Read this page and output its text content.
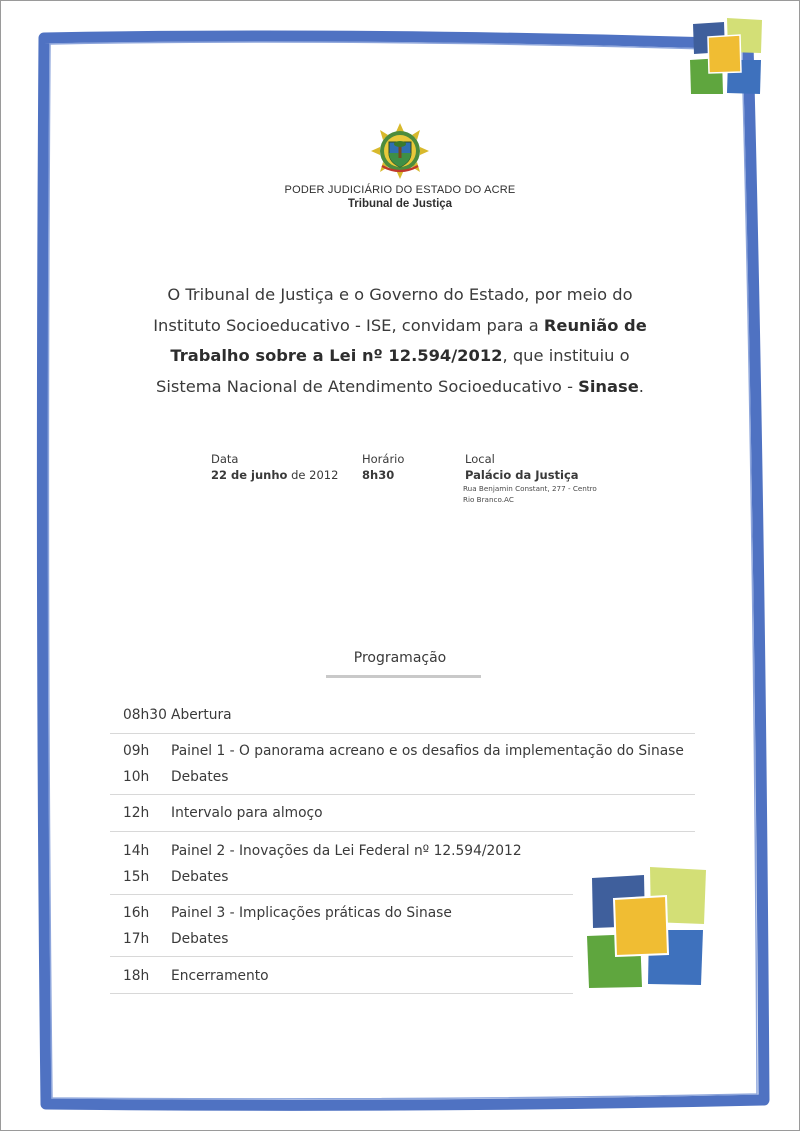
PODER JUDICIÁRIO DO ESTADO DO ACRE
Tribunal de Justiça
O Tribunal de Justiça e o Governo do Estado, por meio do Instituto Socioeducativo - ISE, convidam para a Reunião de Trabalho sobre a Lei nº 12.594/2012, que instituiu o Sistema Nacional de Atendimento Socioeducativo - Sinase.
Data
22 de junho de 2012
Horário
8h30
Local
Palácio da Justiça
Rua Benjamin Constant, 277 - Centro
Rio Branco.AC
Programação
08h30 Abertura
09h Painel 1 - O panorama acreano e os desafios da implementação do Sinase
10h Debates
12h Intervalo para almoço
14h Painel 2 - Inovações da Lei Federal nº 12.594/2012
15h Debates
16h Painel 3 - Implicações práticas do Sinase
17h Debates
18h Encerramento
